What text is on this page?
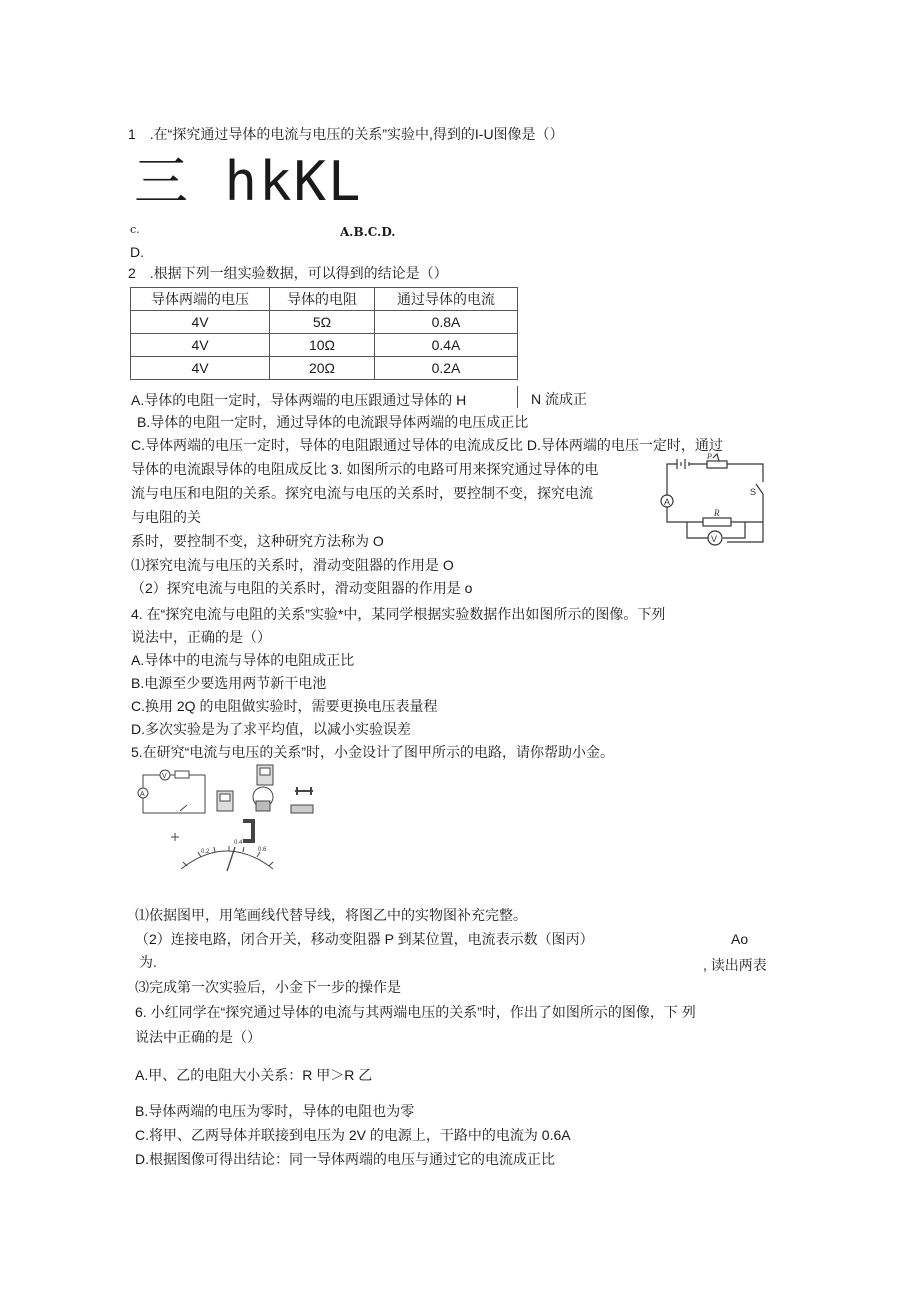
1　.在“探究通过导体的电流与电压的关系”实验中,得到的I-U图像是（）
三 hkKL
c.	A.B.C.D.
D.
2　.根据下列一组实验数据，可以得到的结论是（）
导体两端的电压	导体的电阻	通过导体的电流
4V	5Ω	0.8A
4V	10Ω	0.4A
4V	20Ω	0.2A
A.导体的电阻一定时，导体两端的电压跟通过导体的 H	N 流成正
B.导体的电阻一定时，通过导体的电流跟导体两端的电压成正比
C.导体两端的电压一定时，导体的电阻跟通过导体的电流成反比 D.导体两端的电压一定时，通过
导体的电流跟导体的电阻成反比 3. 如图所示的电路可用来探究通过导体的电
流与电压和电阻的关系。探究电流与电压的关系时，要控制不变，探究电流
与电阻的关
系时，要控制不变，这种研究方法称为 O
⑴探究电流与电压的关系时，滑动变阻器的作用是 O
（2）探究电流与电阻的关系时，滑动变阻器的作用是 o
A
V
R
P
S
4. 在“探究电流与电阻的关系”实验*中，某同学根据实验数据作出如图所示的图像。下列
说法中，正确的是（）
A.导体中的电流与导体的电阻成正比
B.电源至少要选用两节新干电池
C.换用 2Q 的电阻做实验时，需要更换电压表量程
D.多次实验是为了求平均值，以减小实验误差
5.在研究“电流与电压的关系”时，小金设计了图甲所示的电路，请你帮助小金。
V
A
0.2
0.4
0.6
⑴依据图甲，用笔画线代替导线，将图乙中的实物图补充完整。
（2）连接电路，闭合开关，移动变阻器 P 到某位置，电流表示数（图丙）	Ao
为.	, 读出两表
⑶完成第一次实验后，小金下一步的操作是
6. 小红同学在“探究通过导体的电流与其两端电压的关系”时，作出了如图所示的图像，下 列
说法中正确的是（）
A.甲、乙的电阻大小关系：R 甲＞R 乙
B.导体两端的电压为零时，导体的电阻也为零
C.将甲、乙两导体并联接到电压为 2V 的电源上，干路中的电流为 0.6A
D.根据图像可得出结论：同一导体两端的电压与通过它的电流成正比
